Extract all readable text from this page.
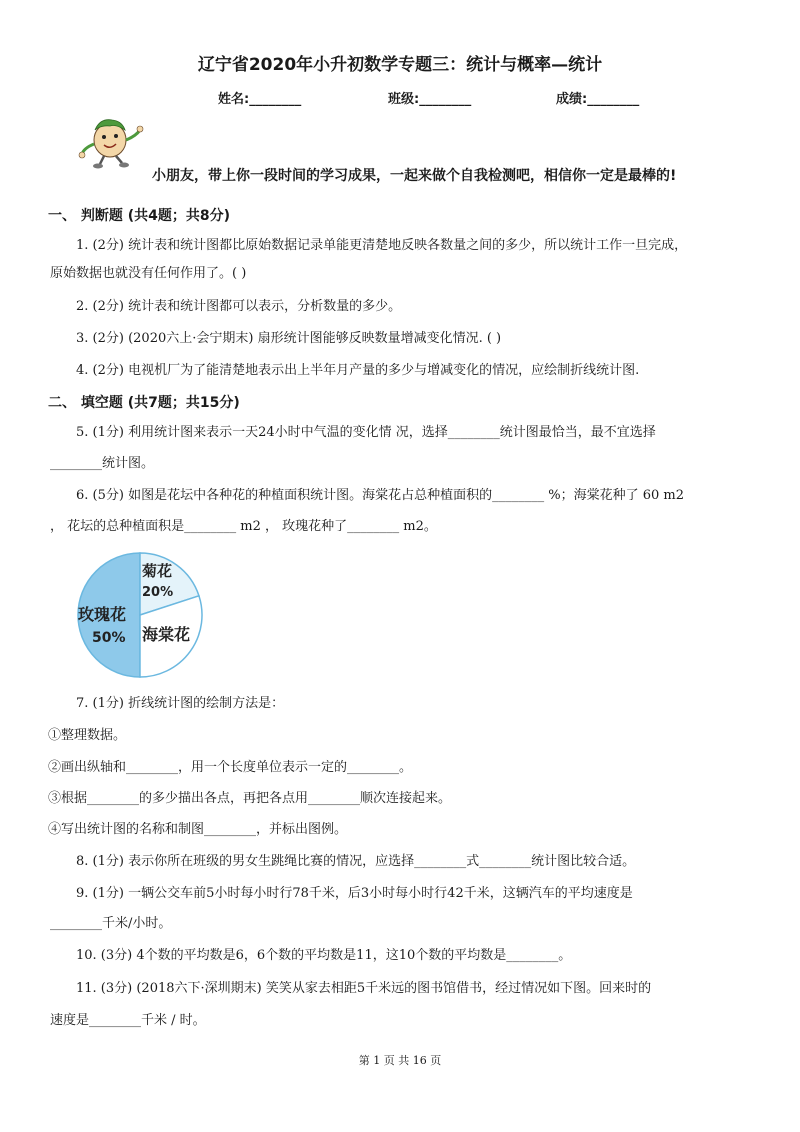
辽宁省2020年小升初数学专题三：统计与概率—统计
姓名:________	班级:________	成绩:________
小朋友，带上你一段时间的学习成果，一起来做个自我检测吧，相信你一定是最棒的!
一、 判断题 (共4题；共8分)
1. (2分) 统计表和统计图都比原始数据记录单能更清楚地反映各数量之间的多少，所以统计工作一旦完成，
原始数据也就没有任何作用了。( )
2. (2分) 统计表和统计图都可以表示，分析数量的多少。
3. (2分) (2020六上·会宁期末) 扇形统计图能够反映数量增减变化情况. ( )
4. (2分) 电视机厂为了能清楚地表示出上半年月产量的多少与增减变化的情况，应绘制折线统计图.
二、 填空题 (共7题；共15分)
5. (1分) 利用统计图来表示一天24小时中气温的变化情 况，选择________统计图最恰当，最不宜选择
________统计图。
6. (5分) 如图是花坛中各种花的种植面积统计图。海棠花占总种植面积的________ %；海棠花种了 60 m2
， 花坛的总种植面积是________ m2 ， 玫瑰花种了________ m2。
菊花
20%
玫瑰花
50% 海棠花
7. (1分) 折线统计图的绘制方法是：
①整理数据。
②画出纵轴和________，用一个长度单位表示一定的________。
③根据________的多少描出各点，再把各点用________顺次连接起来。
④写出统计图的名称和制图________，并标出图例。
8. (1分) 表示你所在班级的男女生跳绳比赛的情况，应选择________式________统计图比较合适。
9. (1分) 一辆公交车前5小时每小时行78千米，后3小时每小时行42千米，这辆汽车的平均速度是
________千米/小时。
10. (3分) 4个数的平均数是6，6个数的平均数是11，这10个数的平均数是________。
11. (3分) (2018六下·深圳期末) 笑笑从家去相距5千米远的图书馆借书，经过情况如下图。回来时的
速度是________千米 / 时。
第 1 页 共 16 页
